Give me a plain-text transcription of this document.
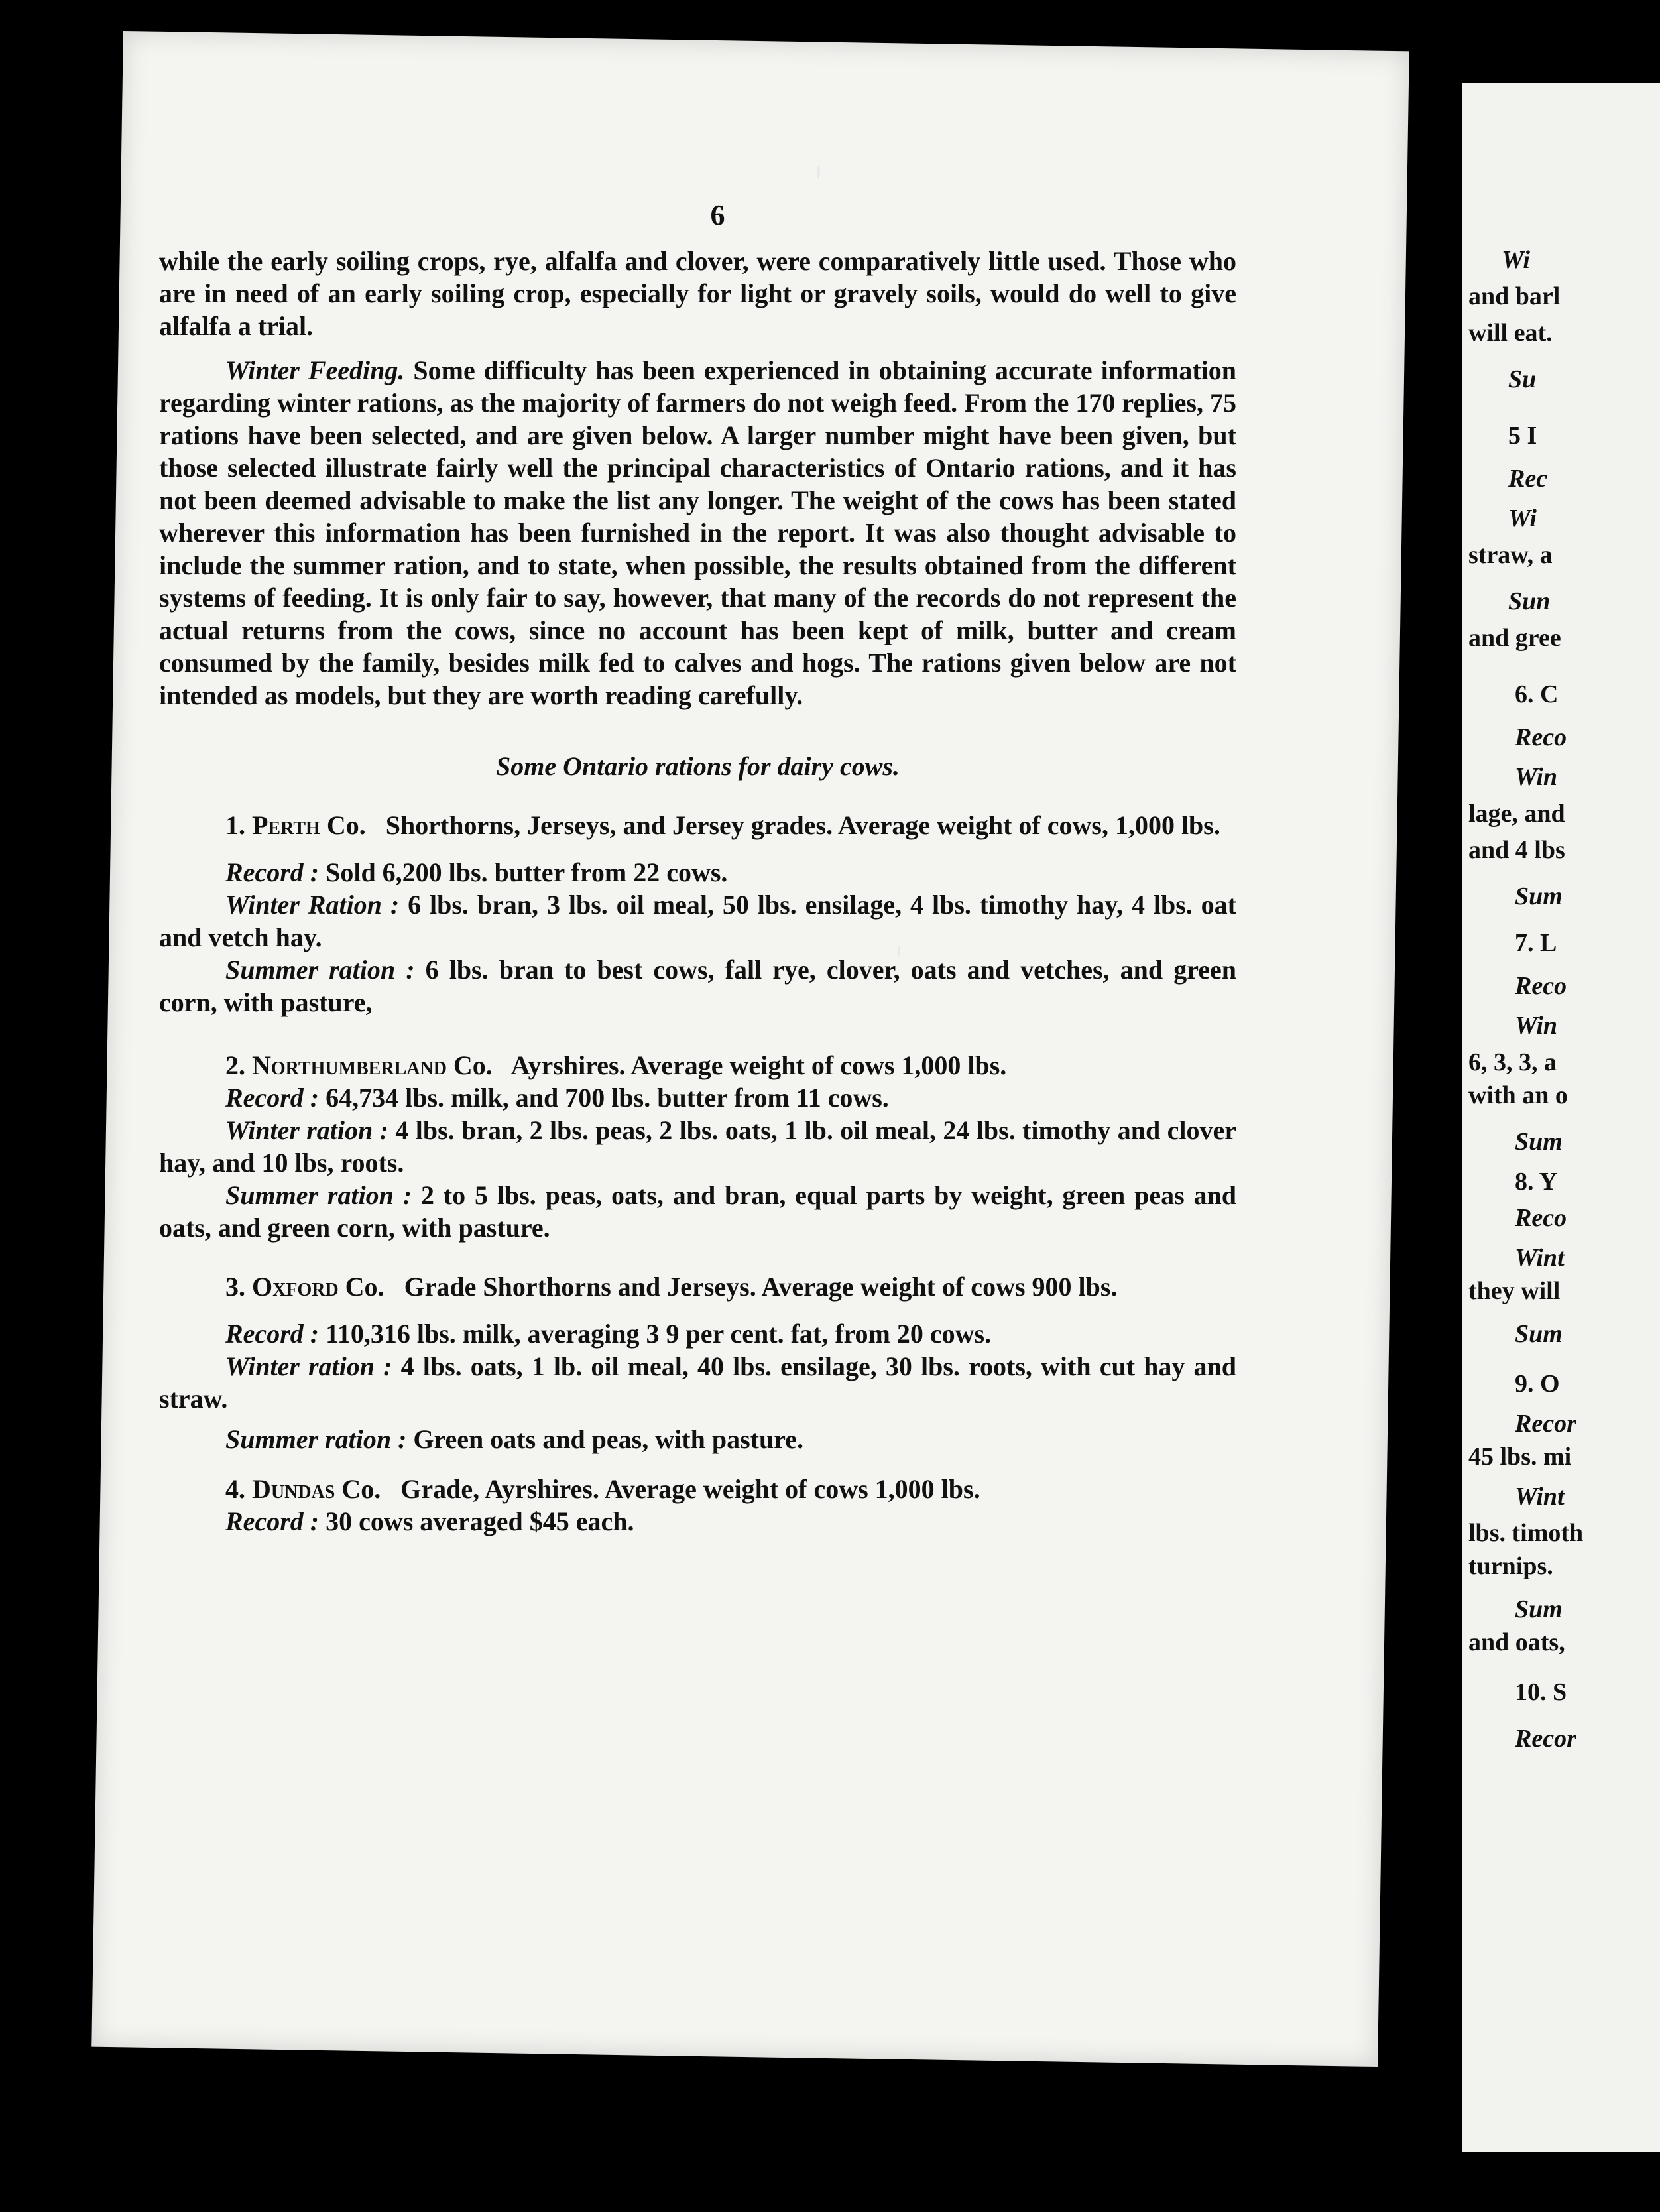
Wi
and barl
will eat.
Su
5 I
Rec
Wi
straw, a
Sun
and gree
6. C
Reco
Win
lage, and
and 4 lbs
Sum
7. L
Reco
Win
6, 3, 3, a
with an o
Sum
8. Y
Reco
Wint
they will
Sum
9. O
Recor
45 lbs. mi
Wint
lbs. timoth
turnips.
Sum
and oats,
10. S
Recor
6

while the early soiling crops, rye, alfalfa and clover, were comparatively little used. Those who are in need of an early soiling crop, especially for light or gravely soils, would do well to give alfalfa a trial.

Winter Feeding. Some difficulty has been experienced in obtaining accurate information regarding winter rations, as the majority of farmers do not weigh feed. From the 170 replies, 75 rations have been selected, and are given below. A larger number might have been given, but those selected illustrate fairly well the principal characteristics of Ontario rations, and it has not been deemed advisable to make the list any longer. The weight of the cows has been stated wherever this information has been furnished in the report. It was also thought advisable to include the summer ration, and to state, when possible, the results obtained from the different systems of feeding. It is only fair to say, however, that many of the records do not represent the actual returns from the cows, since no account has been kept of milk, butter and cream consumed by the family, besides milk fed to calves and hogs. The rations given below are not intended as models, but they are worth reading carefully.

Some Ontario rations for dairy cows.

1. Perth Co. Shorthorns, Jerseys, and Jersey grades. Average weight of cows, 1,000 lbs.

Record : Sold 6,200 lbs. butter from 22 cows.

Winter Ration : 6 lbs. bran, 3 lbs. oil meal, 50 lbs. ensilage, 4 lbs. timothy hay, 4 lbs. oat and vetch hay.

Summer ration : 6 lbs. bran to best cows, fall rye, clover, oats and vetches, and green corn, with pasture,

2. Northumberland Co. Ayrshires. Average weight of cows 1,000 lbs.

Record : 64,734 lbs. milk, and 700 lbs. butter from 11 cows.

Winter ration : 4 lbs. bran, 2 lbs. peas, 2 lbs. oats, 1 lb. oil meal, 24 lbs. timothy and clover hay, and 10 lbs, roots.

Summer ration : 2 to 5 lbs. peas, oats, and bran, equal parts by weight, green peas and oats, and green corn, with pasture.

3. Oxford Co. Grade Shorthorns and Jerseys. Average weight of cows 900 lbs.

Record : 110,316 lbs. milk, averaging 3 9 per cent. fat, from 20 cows.

Winter ration : 4 lbs. oats, 1 lb. oil meal, 40 lbs. ensilage, 30 lbs. roots, with cut hay and straw.

Summer ration : Green oats and peas, with pasture.

4. Dundas Co. Grade, Ayrshires. Average weight of cows 1,000 lbs.

Record : 30 cows averaged $45 each.
